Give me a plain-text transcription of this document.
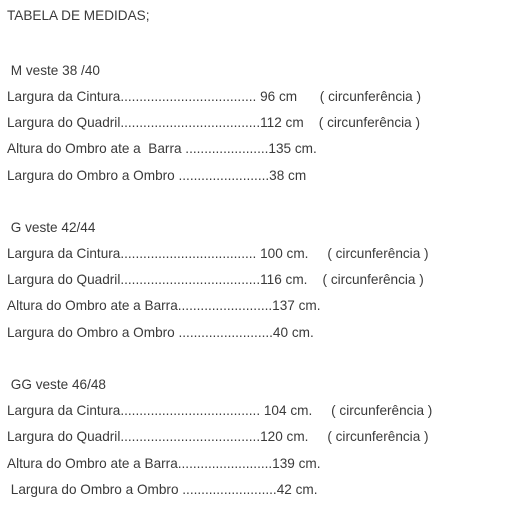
TABELA DE MEDIDAS;
M veste 38 /40
Largura da Cintura.................................... 96 cm      ( circunferência )
Largura do Quadril.....................................112 cm    ( circunferência )
Altura do Ombro ate a  Barra ......................135 cm.
Largura do Ombro a Ombro ........................38 cm
G veste 42/44
Largura da Cintura.................................... 100 cm.     ( circunferência )
Largura do Quadril.....................................116 cm.    ( circunferência )
Altura do Ombro ate a Barra.........................137 cm.
Largura do Ombro a Ombro .........................40 cm.
GG veste 46/48
Largura da Cintura..................................... 104 cm.     ( circunferência )
Largura do Quadril.....................................120 cm.     ( circunferência )
Altura do Ombro ate a Barra.........................139 cm.
Largura do Ombro a Ombro .........................42 cm.
